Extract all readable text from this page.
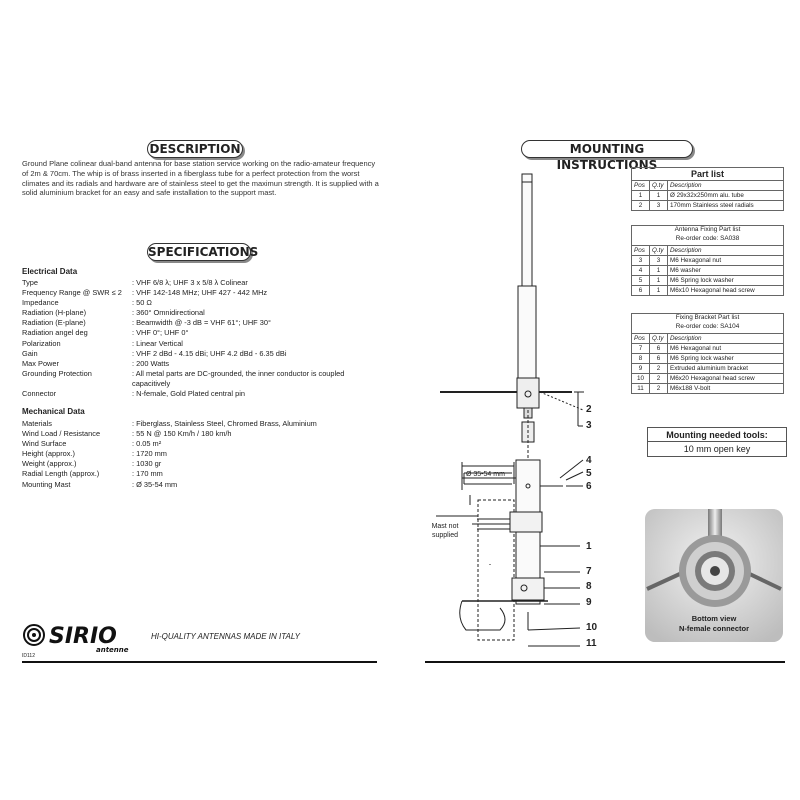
DESCRIPTION
Ground Plane colinear dual-band antenna for base station service working on the radio-amateur frequency of 2m & 70cm. The whip is of brass inserted in a fiberglass tube for a perfect protection from the worst climates and its radials and hardware are of stainless steel to get the maximun strength. It is supplied with a solid aluminium bracket for an easy and safe installation to the support mast.
SPECIFICATIONS
Electrical Data
Type	: VHF 6/8 λ; UHF 3 x 5/8 λ Colinear
Frequency Range @ SWR ≤ 2	: VHF 142-148 MHz; UHF 427 - 442 MHz
Impedance	: 50 Ω
Radiation (H-plane)	: 360° Omnidirectional
Radiation (E-plane)	: Beamwidth @ -3 dB = VHF 61°; UHF 30°
Radiation angel deg	: VHF 0°; UHF 0°
Polarization	: Linear Vertical
Gain	: VHF 2 dBd - 4.15 dBi; UHF 4.2 dBd - 6.35 dBi
Max Power	: 200 Watts
Grounding Protection	: All metal parts are DC-grounded, the inner conductor is coupled capacitively
Connector	: N-female, Gold Plated central pin
Mechanical Data
Materials	: Fiberglass, Stainless Steel, Chromed Brass, Aluminium
Wind Load / Resistance	: 55 N @ 150 Km/h / 180 km/h
Wind Surface	: 0.05 m²
Height (approx.)	: 1720 mm
Weight (approx.)	: 1030 gr
Radial Length (approx.)	: 170 mm
Mounting Mast	: Ø 35-54 mm
SIRIO
antenne
HI-QUALITY ANTENNAS MADE IN ITALY
ID112
MOUNTING INSTRUCTIONS
Part list
Pos	Q.ty	Description
1	1	Ø 29x32x250mm alu. tube
2	3	170mm Stainless steel radials
Antenna Fixing Part list
Re-order code: SA038
Pos	Q.ty	Description
3	3	M6 Hexagonal nut
4	1	M6 washer
5	1	M6 Spring lock washer
6	1	M6x10 Hexagonal head screw
Fixing Bracket Part list
Re-order code: SA104
Pos	Q.ty	Description
7	6	M6 Hexagonal nut
8	6	M6 Spring lock washer
9	2	Extruded aluminium bracket
10	2	M6x20 Hexagonal head screw
11	2	M6x188 V-bolt
Mounting needed tools:
10 mm open key
Bottom view
N-female connector
Ø 35-54 mm
Mast not supplied
2
3
4
5
6
1
7
8
9
10
11
